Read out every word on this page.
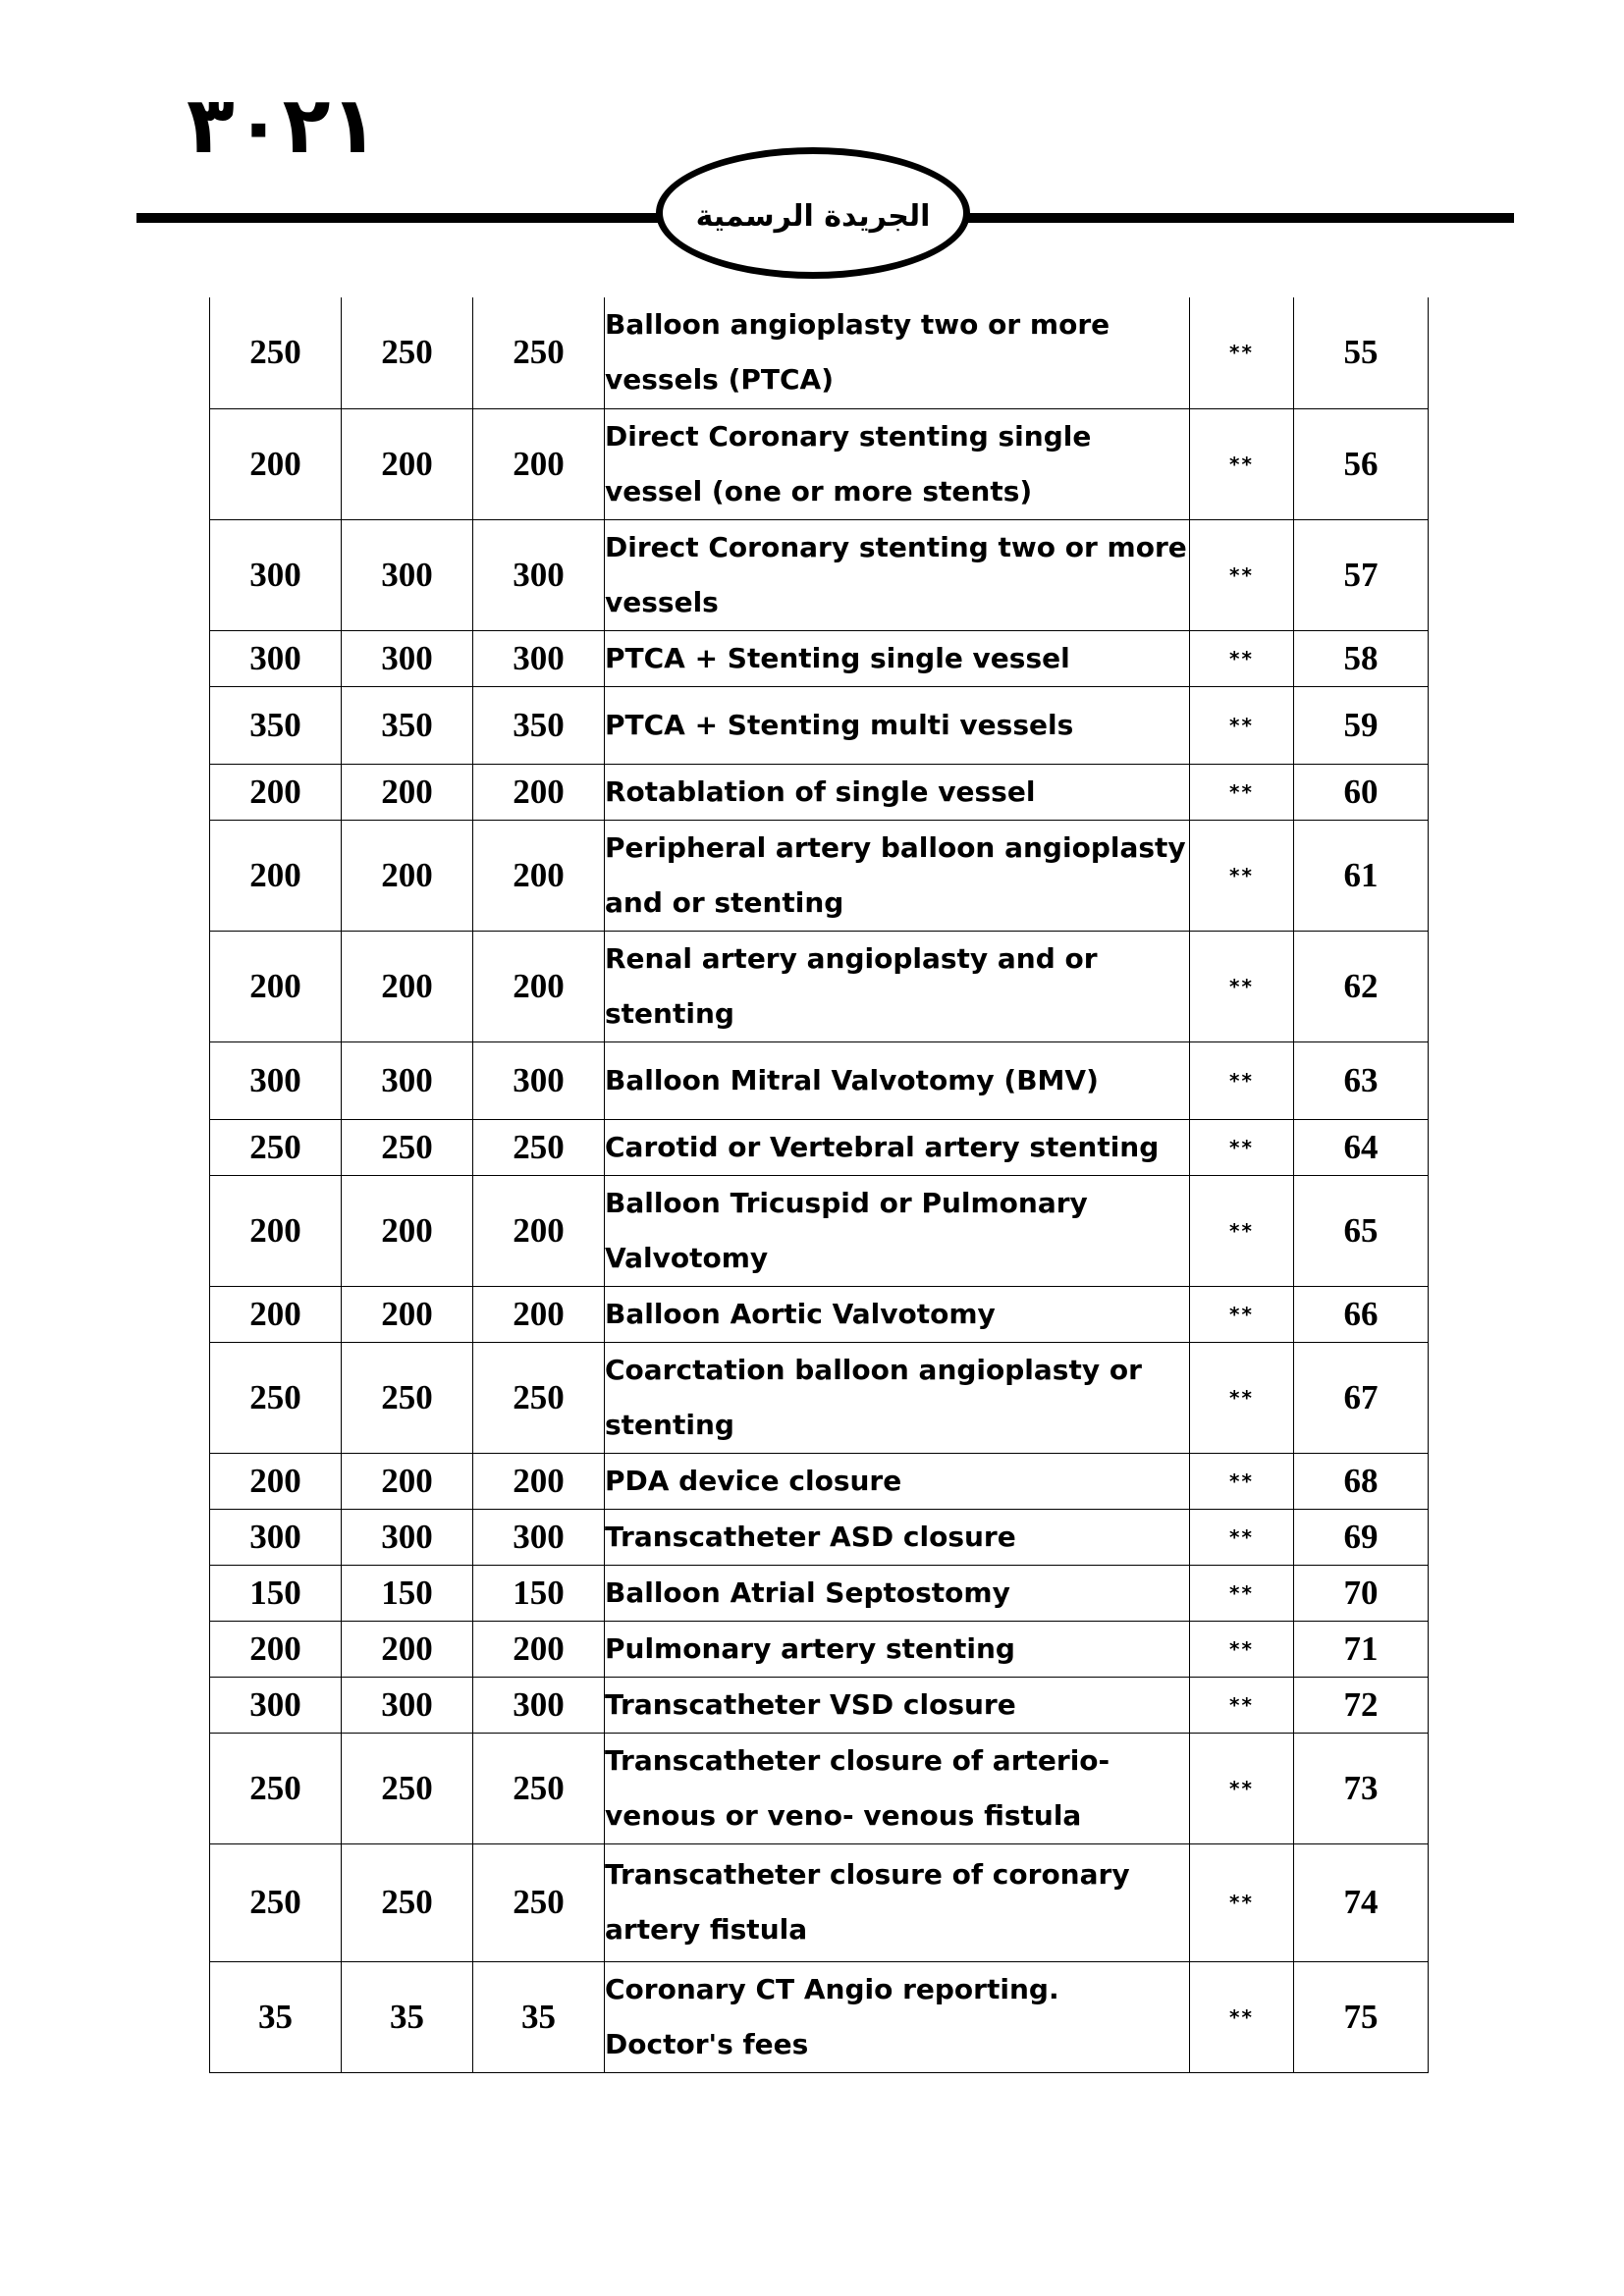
٣٠٢١
الجريدة الرسمية
250	250	250	Balloon angioplasty two or more vessels (PTCA)	**	55
200	200	200	Direct Coronary stenting single vessel (one or more stents)	**	56
300	300	300	Direct Coronary stenting two or more vessels	**	57
300	300	300	PTCA + Stenting single vessel	**	58
350	350	350	PTCA + Stenting multi vessels	**	59
200	200	200	Rotablation of single vessel	**	60
200	200	200	Peripheral artery balloon angioplasty and or stenting	**	61
200	200	200	Renal artery angioplasty and or stenting	**	62
300	300	300	Balloon Mitral Valvotomy (BMV)	**	63
250	250	250	Carotid or Vertebral artery stenting	**	64
200	200	200	Balloon Tricuspid or Pulmonary Valvotomy	**	65
200	200	200	Balloon Aortic Valvotomy	**	66
250	250	250	Coarctation balloon angioplasty or stenting	**	67
200	200	200	PDA device closure	**	68
300	300	300	Transcatheter ASD closure	**	69
150	150	150	Balloon Atrial Septostomy	**	70
200	200	200	Pulmonary artery stenting	**	71
300	300	300	Transcatheter VSD closure	**	72
250	250	250	Transcatheter closure of arterio- venous or veno- venous fistula	**	73
250	250	250	Transcatheter closure of coronary artery fistula	**	74
35	35	35	Coronary CT Angio reporting. Doctor's fees	**	75
